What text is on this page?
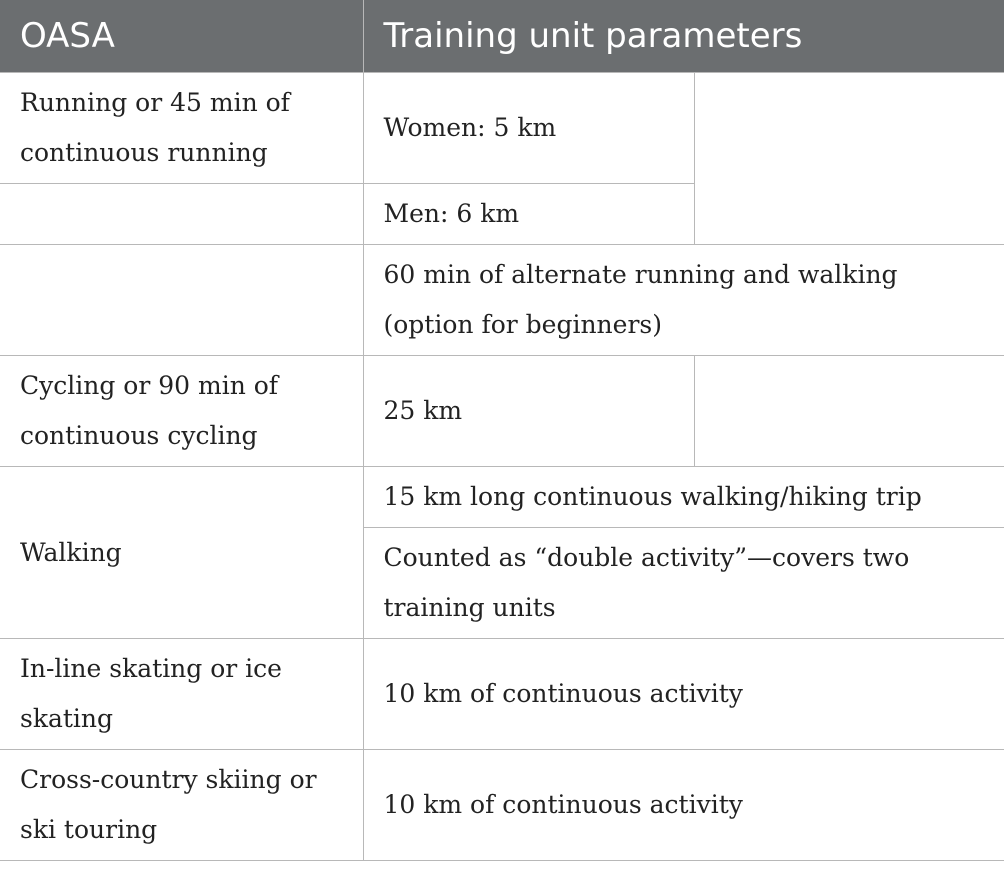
OASA	Training unit parameters	
Running or 45 min of continuous running	Women: 5 km	
	Men: 6 km	
	60 min of alternate running and walking (option for beginners)	
Cycling or 90 min of continuous cycling	25 km	
Walking	15 km long continuous walking/hiking trip	
	Counted as “double activity”—covers two training units	
In-line skating or ice skating	10 km of continuous activity	
Cross-country skiing or ski touring	10 km of continuous activity	
